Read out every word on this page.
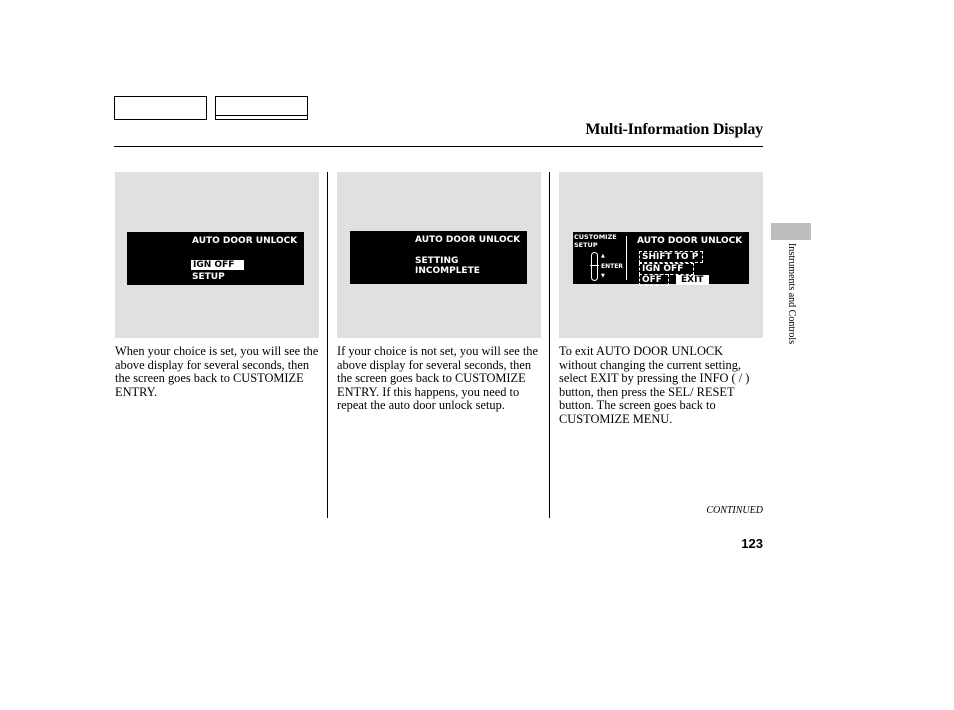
Multi-Information Display
AUTO DOOR UNLOCK
IGN OFF
SETUP
AUTO DOOR UNLOCK
SETTING
INCOMPLETE
CUSTOMIZE
SETUP
▲
ENTER
▼
AUTO DOOR UNLOCK
SHIFT TO P
IGN OFF
OFF	EXIT
When your choice is set, you will see the above display for several seconds, then the screen goes back to CUSTOMIZE ENTRY.
If your choice is not set, you will see the above display for several seconds, then the screen goes back to CUSTOMIZE ENTRY. If this happens, you need to repeat the auto door unlock setup.
To exit AUTO DOOR UNLOCK without changing the current setting, select EXIT by pressing the INFO ( / ) button, then press the SEL/ RESET button. The screen goes back to CUSTOMIZE MENU.
Instruments and Controls
CONTINUED
123
